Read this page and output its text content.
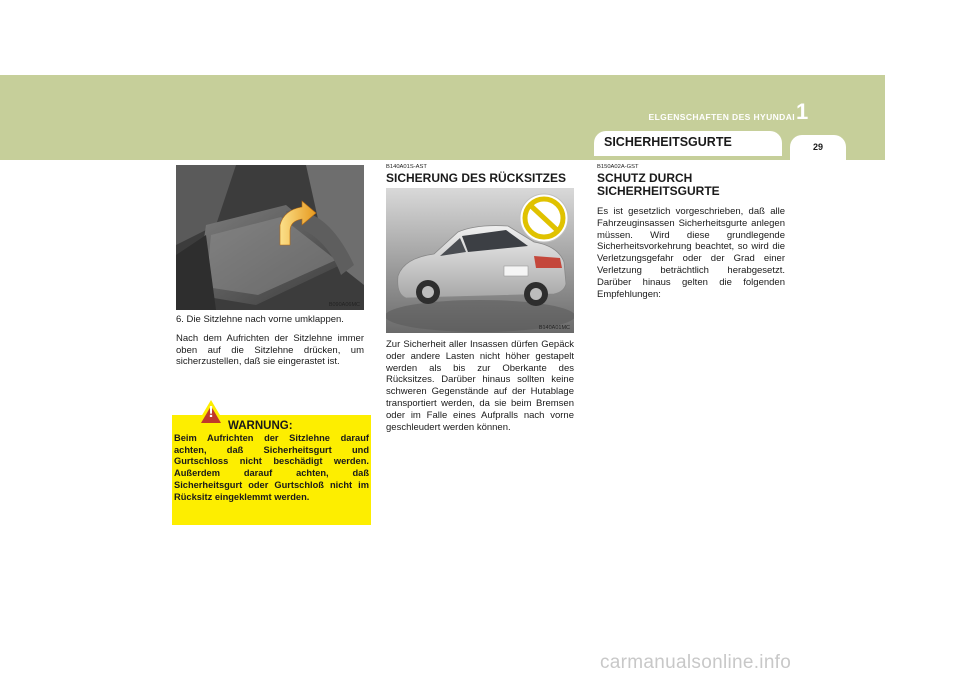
ELGENSCHAFTEN DES HYUNDAI 1
SICHERHEITSGURTE	29
B090A06MC

6. Die Sitzlehne nach vorne umklappen.

Nach dem Aufrichten der Sitzlehne immer oben auf die Sitzlehne drücken, um sicherzustellen, daß sie eingerastet ist.

!
WARNUNG:
Beim Aufrichten der Sitzlehne darauf achten, daß Sicherheitsgurt und Gurtschloss nicht beschädigt werden. Außerdem darauf achten, daß Sicherheitsgurt oder Gurtschloß nicht im Rücksitz eingeklemmt werden.
B140A01S-AST
SICHERUNG DES RÜCKSITZES
B140A01MC
Zur Sicherheit aller Insassen dürfen Gepäck oder andere Lasten nicht höher gestapelt werden als bis zur Oberkante des Rücksitzes. Darüber hinaus sollten keine schweren Gegenstände auf der Hutablage transportiert werden, da sie beim Bremsen oder im Falle eines Aufpralls nach vorne geschleudert werden können.
B150A02A-GST
SCHUTZ DURCH
SICHERHEITSGURTE
Es ist gesetzlich vorgeschrieben, daß alle Fahrzeuginsassen Sicherheitsgurte anlegen müssen. Wird diese grundlegende Sicherheitsvorkehrung beachtet, so wird die Verletzungsgefahr oder der Grad einer Verletzung beträchtlich herabgesetzt. Darüber hinaus gelten die folgenden Empfehlungen:
carmanualsonline.info
